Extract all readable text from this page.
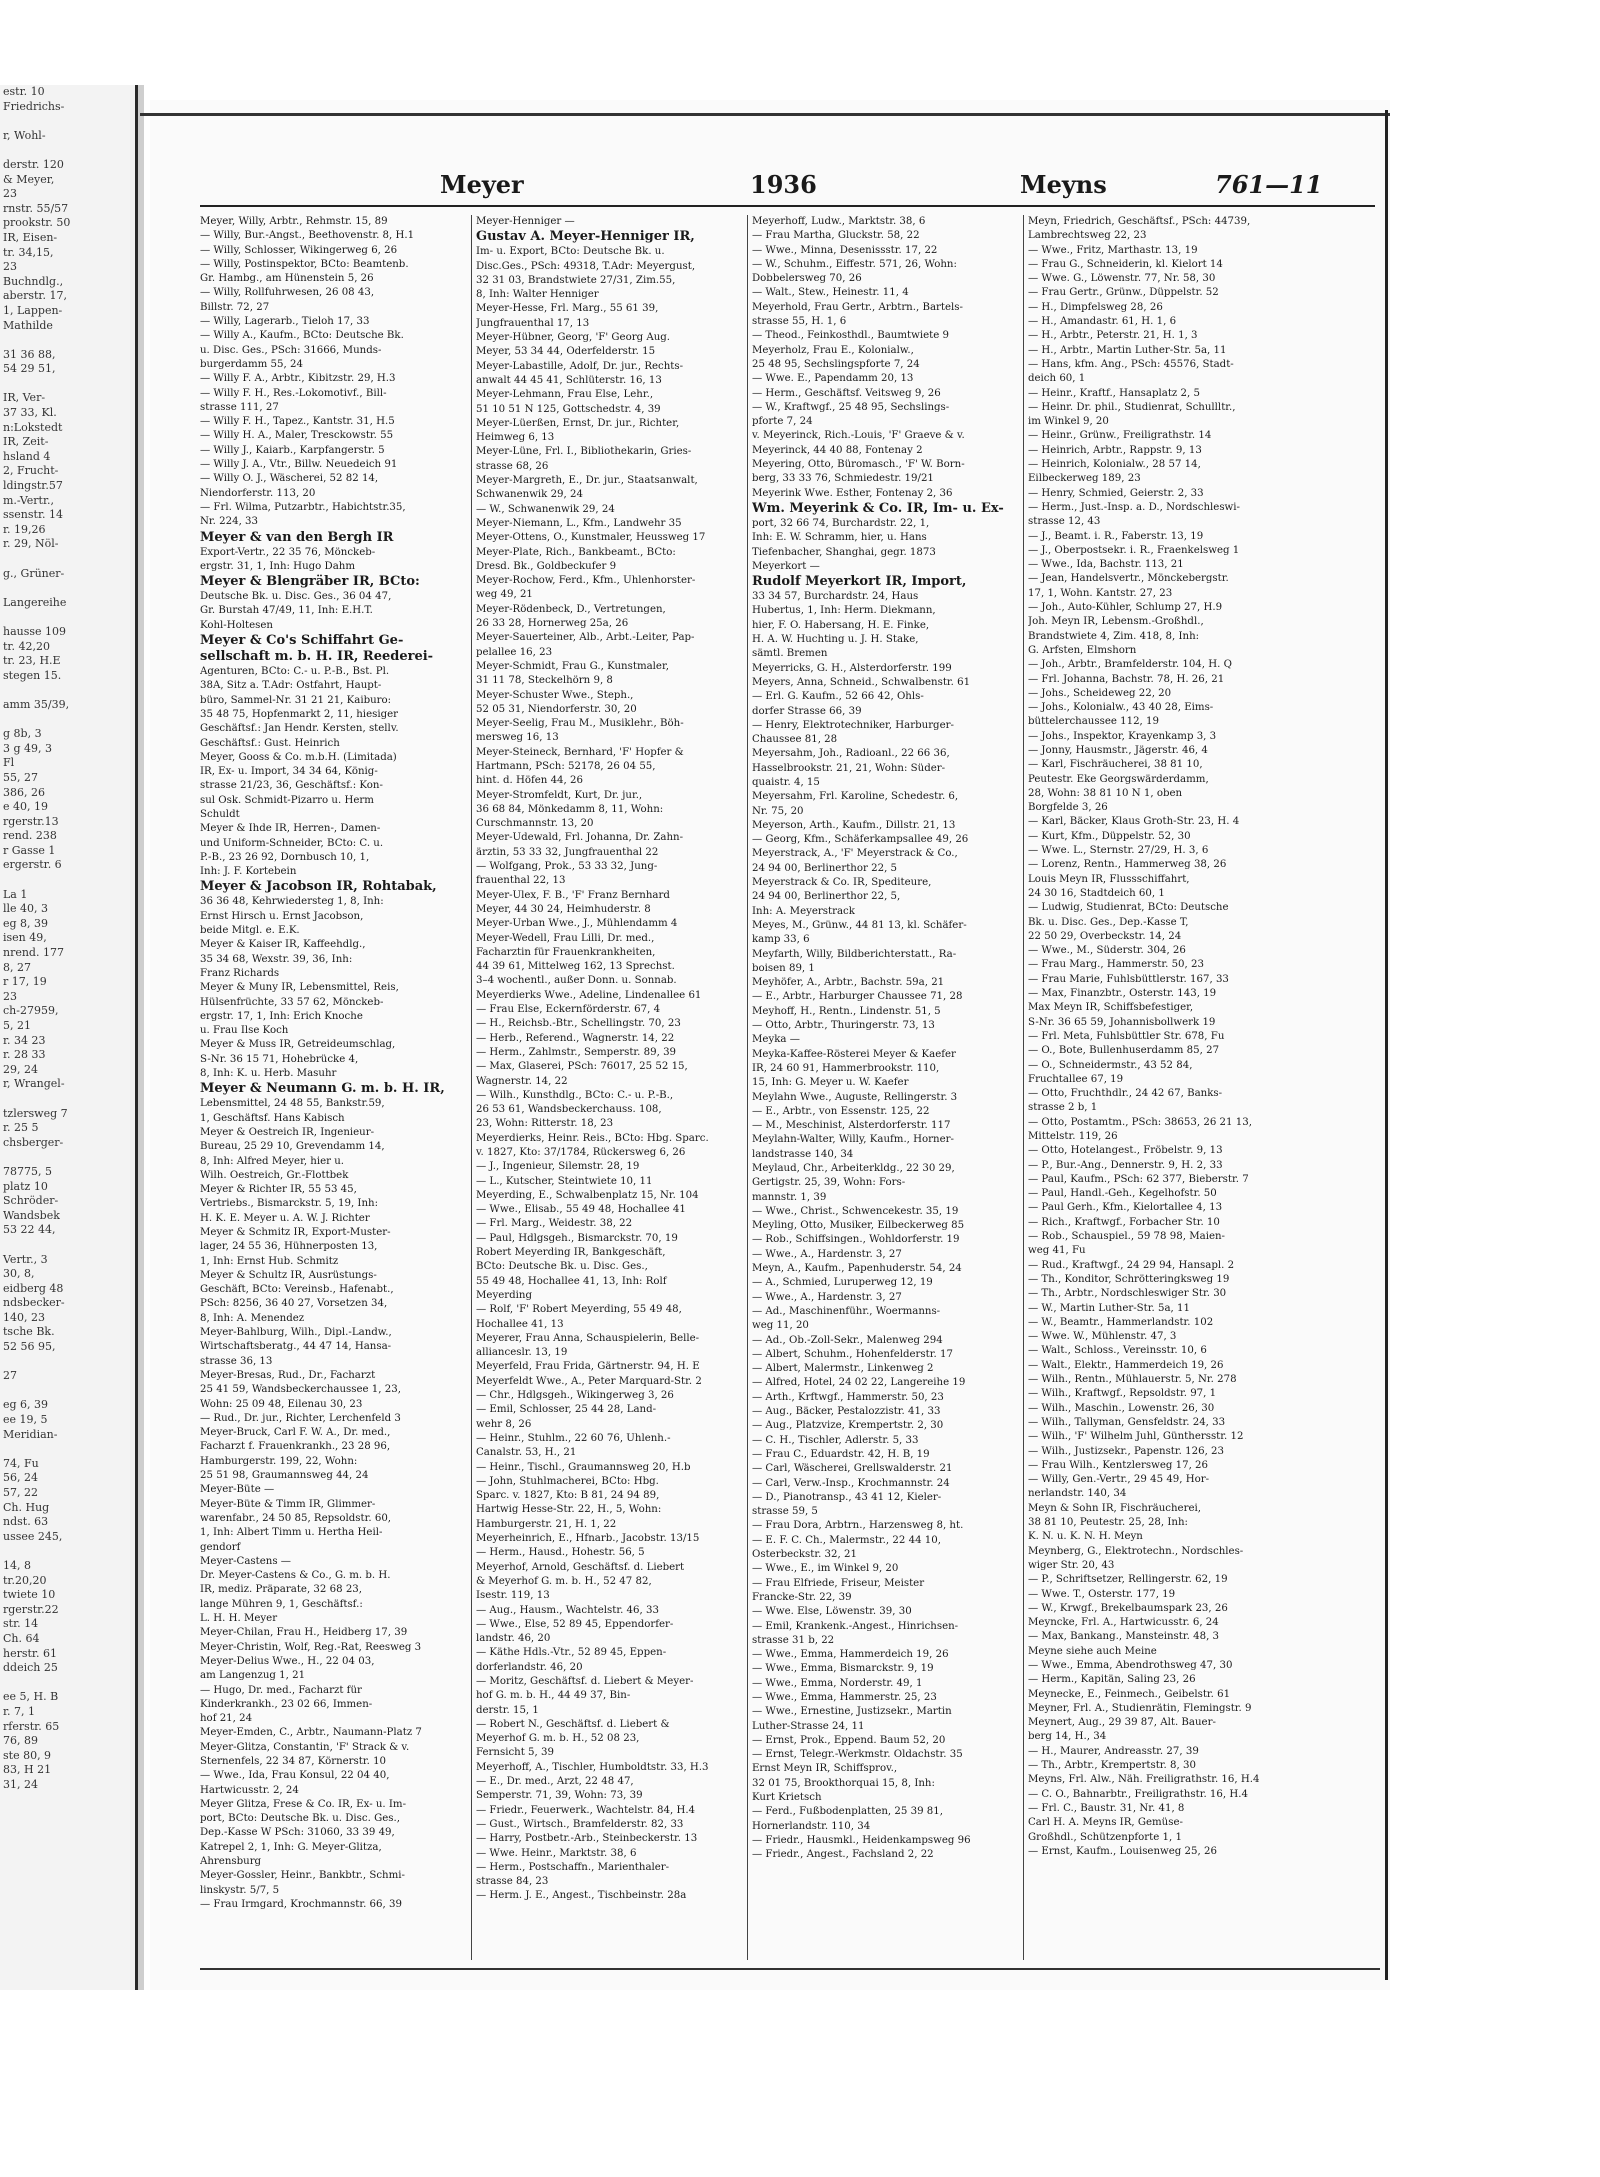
estr. 10
Friedrichs-

r, Wohl-

derstr. 120
& Meyer,
23
rnstr. 55/57
prookstr. 50
IR, Eisen-
tr. 34,15,
23
Buchndlg.,
aberstr. 17,
1, Lappen-
Mathilde

31 36 88,
54 29 51,

IR, Ver-
37 33, Kl.
n:Lokstedt
IR, Zeit-
hsland 4
2, Frucht-
ldingstr.57
m.-Vertr.,
ssenstr. 14
r. 19,26
r. 29, Nöl-

g., Grüner-

Langereihe

hausse 109
tr. 42,20
tr. 23, H.E
stegen 15.

amm 35/39,

g 8b, 3
3 g 49, 3
Fl
55, 27
386, 26
e 40, 19
rgerstr.13
rend. 238
r Gasse 1
ergerstr. 6

La 1
lle 40, 3
eg 8, 39
isen 49,
nrend. 177
8, 27
r 17, 19
23
ch-27959,
5, 21
r. 34 23
r. 28 33
29, 24
r, Wrangel-

tzlersweg 7
r. 25 5
chsberger-

78775, 5
platz 10
Schröder-
Wandsbek
53 22 44,

Vertr., 3
30, 8,
eidberg 48
ndsbecker-
140, 23
tsche Bk.
52 56 95,

27

eg 6, 39
ee 19, 5
Meridian-

74, Fu
56, 24
57, 22
Ch. Hug
ndst. 63
ussee 245,

14, 8
tr.20,20
twiete 10
rgerstr.22
str. 14
Ch. 64
herstr. 61
ddeich 25

ee 5, H. B
r. 7, 1
rferstr. 65
76, 89
ste 80, 9
83, H 21
31, 24
Meyer	1936	Meyns	761—11
Meyer, Willy, Arbtr., Rehmstr. 15, 89
— Willy, Bur.-Angst., Beethovenstr. 8, H.1
— Willy, Schlosser, Wikingerweg 6, 26
— Willy, Postinspektor, BCto: Beamtenb.
Gr. Hambg., am Hünenstein 5, 26
— Willy, Rollfuhrwesen, 26 08 43,
Billstr. 72, 27
— Willy, Lagerarb., Tieloh 17, 33
— Willy A., Kaufm., BCto: Deutsche Bk.
u. Disc. Ges., PSch: 31666, Munds-
burgerdamm 55, 24
— Willy F. A., Arbtr., Kibitzstr. 29, H.3
— Willy F. H., Res.-Lokomotivf., Bill-
strasse 111, 27
— Willy F. H., Tapez., Kantstr. 31, H.5
— Willy H. A., Maler, Tresckowstr. 55
— Willy J., Kaiarb., Karpfangerstr. 5
— Willy J. A., Vtr., Billw. Neuedeich 91
— Willy O. J., Wäscherei, 52 82 14,
Niendorferstr. 113, 20
— Frl. Wilma, Putzarbtr., Habichtstr.35,
Nr. 224, 33
Meyer & van den Bergh IR
Export-Vertr., 22 35 76, Mönckeb-
ergstr. 31, 1, Inh: Hugo Dahm
Meyer & Blengräber IR, BCto:
Deutsche Bk. u. Disc. Ges., 36 04 47,
Gr. Burstah 47/49, 11, Inh: E.H.T.
Kohl-Holtesen
Meyer & Co's Schiffahrt Ge-
sellschaft m. b. H. IR, Reederei-
Agenturen, BCto: C.- u. P.-B., Bst. Pl.
38A, Sitz a. T.Adr: Ostfahrt, Haupt-
büro, Sammel-Nr. 31 21 21, Kaiburo:
35 48 75, Hopfenmarkt 2, 11, hiesiger
Geschäftsf.: Jan Hendr. Kersten, stellv.
Geschäftsf.: Gust. Heinrich
Meyer, Gooss & Co. m.b.H. (Limitada)
IR, Ex- u. Import, 34 34 64, König-
strasse 21/23, 36, Geschäftsf.: Kon-
sul Osk. Schmidt-Pizarro u. Herm
Schuldt
Meyer & Ihde IR, Herren-, Damen-
und Uniform-Schneider, BCto: C. u.
P.-B., 23 26 92, Dornbusch 10, 1,
Inh: J. F. Kortebein
Meyer & Jacobson IR, Rohtabak,
36 36 48, Kehrwiedersteg 1, 8, Inh:
Ernst Hirsch u. Ernst Jacobson,
beide Mitgl. e. E.K.
Meyer & Kaiser IR, Kaffeehdlg.,
35 34 68, Wexstr. 39, 36, Inh:
Franz Richards
Meyer & Muny IR, Lebensmittel, Reis,
Hülsenfrüchte, 33 57 62, Mönckeb-
ergstr. 17, 1, Inh: Erich Knoche
u. Frau Ilse Koch
Meyer & Muss IR, Getreideumschlag,
S-Nr. 36 15 71, Hohebrücke 4,
8, Inh: K. u. Herb. Masuhr
Meyer & Neumann G. m. b. H. IR,
Lebensmittel, 24 48 55, Bankstr.59,
1, Geschäftsf. Hans Kabisch
Meyer & Oestreich IR, Ingenieur-
Bureau, 25 29 10, Grevendamm 14,
8, Inh: Alfred Meyer, hier u.
Wilh. Oestreich, Gr.-Flottbek
Meyer & Richter IR, 55 53 45,
Vertriebs., Bismarckstr. 5, 19, Inh:
H. K. E. Meyer u. A. W. J. Richter
Meyer & Schmitz IR, Export-Muster-
lager, 24 55 36, Hühnerposten 13,
1, Inh: Ernst Hub. Schmitz
Meyer & Schultz IR, Ausrüstungs-
Geschäft, BCto: Vereinsb., Hafenabt.,
PSch: 8256, 36 40 27, Vorsetzen 34,
8, Inh: A. Menendez
Meyer-Bahlburg, Wilh., Dipl.-Landw.,
Wirtschaftsberatg., 44 47 14, Hansa-
strasse 36, 13
Meyer-Bresas, Rud., Dr., Facharzt
25 41 59, Wandsbeckerchaussee 1, 23,
Wohn: 25 09 48, Eilenau 30, 23
— Rud., Dr. jur., Richter, Lerchenfeld 3
Meyer-Bruck, Carl F. W. A., Dr. med.,
Facharzt f. Frauenkrankh., 23 28 96,
Hamburgerstr. 199, 22, Wohn:
25 51 98, Graumannsweg 44, 24
Meyer-Büte —
Meyer-Büte & Timm IR, Glimmer-
warenfabr., 24 50 85, Repsoldstr. 60,
1, Inh: Albert Timm u. Hertha Heil-
gendorf
Meyer-Castens —
Dr. Meyer-Castens & Co., G. m. b. H.
IR, mediz. Präparate, 32 68 23,
lange Mühren 9, 1, Geschäftsf.:
L. H. H. Meyer
Meyer-Chilan, Frau H., Heidberg 17, 39
Meyer-Christin, Wolf, Reg.-Rat, Reesweg 3
Meyer-Delius Wwe., H., 22 04 03,
am Langenzug 1, 21
— Hugo, Dr. med., Facharzt für
Kinderkrankh., 23 02 66, Immen-
hof 21, 24
Meyer-Emden, C., Arbtr., Naumann-Platz 7
Meyer-Glitza, Constantin, 'F' Strack & v.
Sternenfels, 22 34 87, Körnerstr. 10
— Wwe., Ida, Frau Konsul, 22 04 40,
Hartwicusstr. 2, 24
Meyer Glitza, Frese & Co. IR, Ex- u. Im-
port, BCto: Deutsche Bk. u. Disc. Ges.,
Dep.-Kasse W PSch: 31060, 33 39 49,
Katrepel 2, 1, Inh: G. Meyer-Glitza,
Ahrensburg
Meyer-Gossler, Heinr., Bankbtr., Schmi-
linskystr. 5/7, 5
— Frau Irmgard, Krochmannstr. 66, 39
Meyer-Henniger —
Gustav A. Meyer-Henniger IR,
Im- u. Export, BCto: Deutsche Bk. u.
Disc.Ges., PSch: 49318, T.Adr: Meyergust,
32 31 03, Brandstwiete 27/31, Zim.55,
8, Inh: Walter Henniger
Meyer-Hesse, Frl. Marg., 55 61 39,
Jungfrauenthal 17, 13
Meyer-Hübner, Georg, 'F' Georg Aug.
Meyer, 53 34 44, Oderfelderstr. 15
Meyer-Labastille, Adolf, Dr. jur., Rechts-
anwalt 44 45 41, Schlüterstr. 16, 13
Meyer-Lehmann, Frau Else, Lehr.,
51 10 51 N 125, Gottschedstr. 4, 39
Meyer-Lüerßen, Ernst, Dr. jur., Richter,
Heimweg 6, 13
Meyer-Lüne, Frl. I., Bibliothekarin, Gries-
strasse 68, 26
Meyer-Margreth, E., Dr. jur., Staatsanwalt,
Schwanenwik 29, 24
— W., Schwanenwik 29, 24
Meyer-Niemann, L., Kfm., Landwehr 35
Meyer-Ottens, O., Kunstmaler, Heussweg 17
Meyer-Plate, Rich., Bankbeamt., BCto:
Dresd. Bk., Goldbeckufer 9
Meyer-Rochow, Ferd., Kfm., Uhlenhorster-
weg 49, 21
Meyer-Rödenbeck, D., Vertretungen,
26 33 28, Hornerweg 25a, 26
Meyer-Sauerteiner, Alb., Arbt.-Leiter, Pap-
pelallee 16, 23
Meyer-Schmidt, Frau G., Kunstmaler,
31 11 78, Steckelhörn 9, 8
Meyer-Schuster Wwe., Steph.,
52 05 31, Niendorferstr. 30, 20
Meyer-Seelig, Frau M., Musiklehr., Böh-
mersweg 16, 13
Meyer-Steineck, Bernhard, 'F' Hopfer &
Hartmann, PSch: 52178, 26 04 55,
hint. d. Höfen 44, 26
Meyer-Stromfeldt, Kurt, Dr. jur.,
36 68 84, Mönkedamm 8, 11, Wohn:
Curschmannstr. 13, 20
Meyer-Udewald, Frl. Johanna, Dr. Zahn-
ärztin, 53 33 32, Jungfrauenthal 22
— Wolfgang, Prok., 53 33 32, Jung-
frauenthal 22, 13
Meyer-Ulex, F. B., 'F' Franz Bernhard
Meyer, 44 30 24, Heimhuderstr. 8
Meyer-Urban Wwe., J., Mühlendamm 4
Meyer-Wedell, Frau Lilli, Dr. med.,
Facharztin für Frauenkrankheiten,
44 39 61, Mittelweg 162, 13 Sprechst.
3–4 wochentl., außer Donn. u. Sonnab.
Meyerdierks Wwe., Adeline, Lindenallee 61
— Frau Else, Eckernförderstr. 67, 4
— H., Reichsb.-Btr., Schellingstr. 70, 23
— Herb., Referend., Wagnerstr. 14, 22
— Herm., Zahlmstr., Semperstr. 89, 39
— Max, Glaserei, PSch: 76017, 25 52 15,
Wagnerstr. 14, 22
— Wilh., Kunsthdlg., BCto: C.- u. P.-B.,
26 53 61, Wandsbeckerchauss. 108,
23, Wohn: Ritterstr. 18, 23
Meyerdierks, Heinr. Reis., BCto: Hbg. Sparc.
v. 1827, Kto: 37/1784, Rückersweg 6, 26
— J., Ingenieur, Silemstr. 28, 19
— L., Kutscher, Steintwiete 10, 11
Meyerding, E., Schwalbenplatz 15, Nr. 104
— Wwe., Elisab., 55 49 48, Hochallee 41
— Frl. Marg., Weidestr. 38, 22
— Paul, Hdlgsgeh., Bismarckstr. 70, 19
Robert Meyerding IR, Bankgeschäft,
BCto: Deutsche Bk. u. Disc. Ges.,
55 49 48, Hochallee 41, 13, Inh: Rolf
Meyerding
— Rolf, 'F' Robert Meyerding, 55 49 48,
Hochallee 41, 13
Meyerer, Frau Anna, Schauspielerin, Belle-
allianceslr. 13, 19
Meyerfeld, Frau Frida, Gärtnerstr. 94, H. E
Meyerfeldt Wwe., A., Peter Marquard-Str. 2
— Chr., Hdlgsgeh., Wikingerweg 3, 26
— Emil, Schlosser, 25 44 28, Land-
wehr 8, 26
— Heinr., Stuhlm., 22 60 76, Uhlenh.-
Canalstr. 53, H., 21
— Heinr., Tischl., Graumannsweg 20, H.b
— John, Stuhlmacherei, BCto: Hbg.
Sparc. v. 1827, Kto: B 81, 24 94 89,
Hartwig Hesse-Str. 22, H., 5, Wohn:
Hamburgerstr. 21, H. 1, 22
Meyerheinrich, E., Hfnarb., Jacobstr. 13/15
— Herm., Hausd., Hohestr. 56, 5
Meyerhof, Arnold, Geschäftsf. d. Liebert
& Meyerhof G. m. b. H., 52 47 82,
Isestr. 119, 13
— Aug., Hausm., Wachtelstr. 46, 33
— Wwe., Else, 52 89 45, Eppendorfer-
landstr. 46, 20
— Käthe Hdls.-Vtr., 52 89 45, Eppen-
dorferlandstr. 46, 20
— Moritz, Geschäftsf. d. Liebert & Meyer-
hof G. m. b. H., 44 49 37, Bin-
derstr. 15, 1
— Robert N., Geschäftsf. d. Liebert &
Meyerhof G. m. b. H., 52 08 23,
Fernsicht 5, 39
Meyerhoff, A., Tischler, Humboldtstr. 33, H.3
— E., Dr. med., Arzt, 22 48 47,
Semperstr. 71, 39, Wohn: 73, 39
— Friedr., Feuerwerk., Wachtelstr. 84, H.4
— Gust., Wirtsch., Bramfelderstr. 82, 33
— Harry, Postbetr.-Arb., Steinbeckerstr. 13
— Wwe. Heinr., Marktstr. 38, 6
— Herm., Postschaffn., Marienthaler-
strasse 84, 23
— Herm. J. E., Angest., Tischbeinstr. 28a
Meyerhoff, Ludw., Marktstr. 38, 6
— Frau Martha, Gluckstr. 58, 22
— Wwe., Minna, Desenissstr. 17, 22
— W., Schuhm., Eiffestr. 571, 26, Wohn:
Dobbelersweg 70, 26
— Walt., Stew., Heinestr. 11, 4
Meyerhold, Frau Gertr., Arbtrn., Bartels-
strasse 55, H. 1, 6
— Theod., Feinkosthdl., Baumtwiete 9
Meyerholz, Frau E., Kolonialw.,
25 48 95, Sechslingspforte 7, 24
— Wwe. E., Papendamm 20, 13
— Herm., Geschäftsf. Veitsweg 9, 26
— W., Kraftwgf., 25 48 95, Sechslings-
pforte 7, 24
v. Meyerinck, Rich.-Louis, 'F' Graeve & v.
Meyerinck, 44 40 88, Fontenay 2
Meyering, Otto, Büromasch., 'F' W. Born-
berg, 33 33 76, Schmiedestr. 19/21
Meyerink Wwe. Esther, Fontenay 2, 36
Wm. Meyerink & Co. IR, Im- u. Ex-
port, 32 66 74, Burchardstr. 22, 1,
Inh: E. W. Schramm, hier, u. Hans
Tiefenbacher, Shanghai, gegr. 1873
Meyerkort —
Rudolf Meyerkort IR, Import,
33 34 57, Burchardstr. 24, Haus
Hubertus, 1, Inh: Herm. Diekmann,
hier, F. O. Habersang, H. E. Finke,
H. A. W. Huchting u. J. H. Stake,
sämtl. Bremen
Meyerricks, G. H., Alsterdorferstr. 199
Meyers, Anna, Schneid., Schwalbenstr. 61
— Erl. G. Kaufm., 52 66 42, Ohls-
dorfer Strasse 66, 39
— Henry, Elektrotechniker, Harburger-
Chaussee 81, 28
Meyersahm, Joh., Radioanl., 22 66 36,
Hasselbrookstr. 21, 21, Wohn: Süder-
quaistr. 4, 15
Meyersahm, Frl. Karoline, Schedestr. 6,
Nr. 75, 20
Meyerson, Arth., Kaufm., Dillstr. 21, 13
— Georg, Kfm., Schäferkampsallee 49, 26
Meyerstrack, A., 'F' Meyerstrack & Co.,
24 94 00, Berlinerthor 22, 5
Meyerstrack & Co. IR, Spediteure,
24 94 00, Berlinerthor 22, 5,
Inh: A. Meyerstrack
Meyes, M., Grünw., 44 81 13, kl. Schäfer-
kamp 33, 6
Meyfarth, Willy, Bildberichterstatt., Ra-
boisen 89, 1
Meyhöfer, A., Arbtr., Bachstr. 59a, 21
— E., Arbtr., Harburger Chaussee 71, 28
Meyhoff, H., Rentn., Lindenstr. 51, 5
— Otto, Arbtr., Thuringerstr. 73, 13
Meyka —
Meyka-Kaffee-Rösterei Meyer & Kaefer
IR, 24 60 91, Hammerbrookstr. 110,
15, Inh: G. Meyer u. W. Kaefer
Meylahn Wwe., Auguste, Rellingerstr. 3
— E., Arbtr., von Essenstr. 125, 22
— M., Meschinist, Alsterdorferstr. 117
Meylahn-Walter, Willy, Kaufm., Horner-
landstrasse 140, 34
Meylaud, Chr., Arbeiterkldg., 22 30 29,
Gertigstr. 25, 39, Wohn: Fors-
mannstr. 1, 39
— Wwe., Christ., Schwencekestr. 35, 19
Meyling, Otto, Musiker, Eilbeckerweg 85
— Rob., Schiffsingen., Wohldorferstr. 19
— Wwe., A., Hardenstr. 3, 27
Meyn, A., Kaufm., Papenhuderstr. 54, 24
— A., Schmied, Luruperweg 12, 19
— Wwe., A., Hardenstr. 3, 27
— Ad., Maschinenführ., Woermanns-
weg 11, 20
— Ad., Ob.-Zoll-Sekr., Malenweg 294
— Albert, Schuhm., Hohenfelderstr. 17
— Albert, Malermstr., Linkenweg 2
— Alfred, Hotel, 24 02 22, Langereihe 19
— Arth., Krftwgf., Hammerstr. 50, 23
— Aug., Bäcker, Pestalozzistr. 41, 33
— Aug., Platzvize, Krempertstr. 2, 30
— C. H., Tischler, Adlerstr. 5, 33
— Frau C., Eduardstr. 42, H. B, 19
— Carl, Wäscherei, Grellswalderstr. 21
— Carl, Verw.-Insp., Krochmannstr. 24
— D., Pianotransp., 43 41 12, Kieler-
strasse 59, 5
— Frau Dora, Arbtrn., Harzensweg 8, ht.
— E. F. C. Ch., Malermstr., 22 44 10,
Osterbeckstr. 32, 21
— Wwe., E., im Winkel 9, 20
— Frau Elfriede, Friseur, Meister
Francke-Str. 22, 39
— Wwe. Else, Löwenstr. 39, 30
— Emil, Krankenk.-Angest., Hinrichsen-
strasse 31 b, 22
— Wwe., Emma, Hammerdeich 19, 26
— Wwe., Emma, Bismarckstr. 9, 19
— Wwe., Emma, Norderstr. 49, 1
— Wwe., Emma, Hammerstr. 25, 23
— Wwe., Ernestine, Justizsekr., Martin
Luther-Strasse 24, 11
— Ernst, Prok., Eppend. Baum 52, 20
— Ernst, Telegr.-Werkmstr. Oldachstr. 35
Ernst Meyn IR, Schiffsprov.,
32 01 75, Brookthorquai 15, 8, Inh:
Kurt Krietsch
— Ferd., Fußbodenplatten, 25 39 81,
Hornerlandstr. 110, 34
— Friedr., Hausmkl., Heidenkampsweg 96
— Friedr., Angest., Fachsland 2, 22
Meyn, Friedrich, Geschäftsf., PSch: 44739,
Lambrechtsweg 22, 23
— Wwe., Fritz, Marthastr. 13, 19
— Frau G., Schneiderin, kl. Kielort 14
— Wwe. G., Löwenstr. 77, Nr. 58, 30
— Frau Gertr., Grünw., Düppelstr. 52
— H., Dimpfelsweg 28, 26
— H., Amandastr. 61, H. 1, 6
— H., Arbtr., Peterstr. 21, H. 1, 3
— H., Arbtr., Martin Luther-Str. 5a, 11
— Hans, kfm. Ang., PSch: 45576, Stadt-
deich 60, 1
— Heinr., Kraftf., Hansaplatz 2, 5
— Heinr. Dr. phil., Studienrat, Schullltr.,
im Winkel 9, 20
— Heinr., Grünw., Freiligrathstr. 14
— Heinrich, Arbtr., Rappstr. 9, 13
— Heinrich, Kolonialw., 28 57 14,
Eilbeckerweg 189, 23
— Henry, Schmied, Geierstr. 2, 33
— Herm., Just.-Insp. a. D., Nordschleswi-
strasse 12, 43
— J., Beamt. i. R., Faberstr. 13, 19
— J., Oberpostsekr. i. R., Fraenkelsweg 1
— Wwe., Ida, Bachstr. 113, 21
— Jean, Handelsvertr., Mönckebergstr.
17, 1, Wohn. Kantstr. 27, 23
— Joh., Auto-Kühler, Schlump 27, H.9
Joh. Meyn IR, Lebensm.-Großhdl.,
Brandstwiete 4, Zim. 418, 8, Inh:
G. Arfsten, Elmshorn
— Joh., Arbtr., Bramfelderstr. 104, H. Q
— Frl. Johanna, Bachstr. 78, H. 26, 21
— Johs., Scheideweg 22, 20
— Johs., Kolonialw., 43 40 28, Eims-
büttelerchaussee 112, 19
— Johs., Inspektor, Krayenkamp 3, 3
— Jonny, Hausmstr., Jägerstr. 46, 4
— Karl, Fischräucherei, 38 81 10,
Peutestr. Eke Georgswärderdamm,
28, Wohn: 38 81 10 N 1, oben
Borgfelde 3, 26
— Karl, Bäcker, Klaus Groth-Str. 23, H. 4
— Kurt, Kfm., Düppelstr. 52, 30
— Wwe. L., Sternstr. 27/29, H. 3, 6
— Lorenz, Rentn., Hammerweg 38, 26
Louis Meyn IR, Flussschiffahrt,
24 30 16, Stadtdeich 60, 1
— Ludwig, Studienrat, BCto: Deutsche
Bk. u. Disc. Ges., Dep.-Kasse T,
22 50 29, Overbeckstr. 14, 24
— Wwe., M., Süderstr. 304, 26
— Frau Marg., Hammerstr. 50, 23
— Frau Marie, Fuhlsbüttlerstr. 167, 33
— Max, Finanzbtr., Osterstr. 143, 19
Max Meyn IR, Schiffsbefestiger,
S-Nr. 36 65 59, Johannisbollwerk 19
— Frl. Meta, Fuhlsbüttler Str. 678, Fu
— O., Bote, Bullenhuserdamm 85, 27
— O., Schneidermstr., 43 52 84,
Fruchtallee 67, 19
— Otto, Fruchthdlr., 24 42 67, Banks-
strasse 2 b, 1
— Otto, Postamtm., PSch: 38653, 26 21 13,
Mittelstr. 119, 26
— Otto, Hotelangest., Fröbelstr. 9, 13
— P., Bur.-Ang., Dennerstr. 9, H. 2, 33
— Paul, Kaufm., PSch: 62 377, Bieberstr. 7
— Paul, Handl.-Geh., Kegelhofstr. 50
— Paul Gerh., Kfm., Kielortallee 4, 13
— Rich., Kraftwgf., Forbacher Str. 10
— Rob., Schauspiel., 59 78 98, Maien-
weg 41, Fu
— Rud., Kraftwgf., 24 29 94, Hansapl. 2
— Th., Konditor, Schrötteringksweg 19
— Th., Arbtr., Nordschleswiger Str. 30
— W., Martin Luther-Str. 5a, 11
— W., Beamtr., Hammerlandstr. 102
— Wwe. W., Mühlenstr. 47, 3
— Walt., Schloss., Vereinsstr. 10, 6
— Walt., Elektr., Hammerdeich 19, 26
— Wilh., Rentn., Mühlauerstr. 5, Nr. 278
— Wilh., Kraftwgf., Repsoldstr. 97, 1
— Wilh., Maschin., Lowenstr. 26, 30
— Wilh., Tallyman, Gensfeldstr. 24, 33
— Wilh., 'F' Wilhelm Juhl, Günthersstr. 12
— Wilh., Justizsekr., Papenstr. 126, 23
— Frau Wilh., Kentzlersweg 17, 26
— Willy, Gen.-Vertr., 29 45 49, Hor-
nerlandstr. 140, 34
Meyn & Sohn IR, Fischräucherei,
38 81 10, Peutestr. 25, 28, Inh:
K. N. u. K. N. H. Meyn
Meynberg, G., Elektrotechn., Nordschles-
wiger Str. 20, 43
— P., Schriftsetzer, Rellingerstr. 62, 19
— Wwe. T., Osterstr. 177, 19
— W., Krwgf., Brekelbaumspark 23, 26
Meyncke, Frl. A., Hartwicusstr. 6, 24
— Max, Bankang., Mansteinstr. 48, 3
Meyne siehe auch Meine
— Wwe., Emma, Abendrothsweg 47, 30
— Herm., Kapitän, Saling 23, 26
Meynecke, E., Feinmech., Geibelstr. 61
Meyner, Frl. A., Studienrätin, Flemingstr. 9
Meynert, Aug., 29 39 87, Alt. Bauer-
berg 14, H., 34
— H., Maurer, Andreasstr. 27, 39
— Th., Arbtr., Krempertstr. 8, 30
Meyns, Frl. Alw., Näh. Freiligrathstr. 16, H.4
— C. O., Bahnarbtr., Freiligrathstr. 16, H.4
— Frl. C., Baustr. 31, Nr. 41, 8
Carl H. A. Meyns IR, Gemüse-
Großhdl., Schützenpforte 1, 1
— Ernst, Kaufm., Louisenweg 25, 26
